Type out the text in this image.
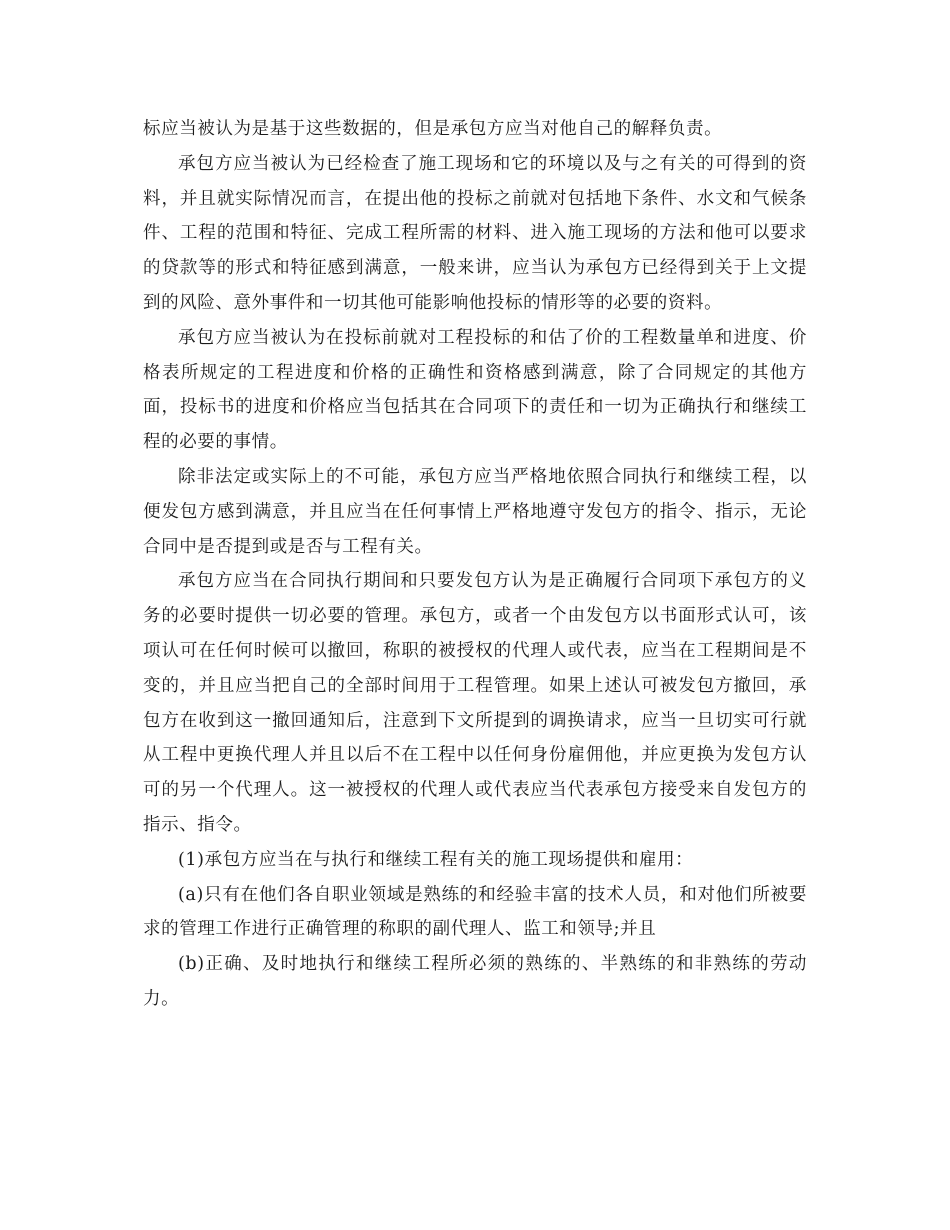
标应当被认为是基于这些数据的，但是承包方应当对他自己的解释负责。

承包方应当被认为已经检查了施工现场和它的环境以及与之有关的可得到的资料，并且就实际情况而言，在提出他的投标之前就对包括地下条件、水文和气候条件、工程的范围和特征、完成工程所需的材料、进入施工现场的方法和他可以要求的贷款等的形式和特征感到满意，一般来讲，应当认为承包方已经得到关于上文提到的风险、意外事件和一切其他可能影响他投标的情形等的必要的资料。

承包方应当被认为在投标前就对工程投标的和估了价的工程数量单和进度、价格表所规定的工程进度和价格的正确性和资格感到满意，除了合同规定的其他方面，投标书的进度和价格应当包括其在合同项下的责任和一切为正确执行和继续工程的必要的事情。

除非法定或实际上的不可能，承包方应当严格地依照合同执行和继续工程，以便发包方感到满意，并且应当在任何事情上严格地遵守发包方的指令、指示，无论合同中是否提到或是否与工程有关。

承包方应当在合同执行期间和只要发包方认为是正确履行合同项下承包方的义务的必要时提供一切必要的管理。承包方，或者一个由发包方以书面形式认可，该项认可在任何时候可以撤回，称职的被授权的代理人或代表，应当在工程期间是不变的，并且应当把自己的全部时间用于工程管理。如果上述认可被发包方撤回，承包方在收到这一撤回通知后，注意到下文所提到的调换请求，应当一旦切实可行就从工程中更换代理人并且以后不在工程中以任何身份雇佣他，并应更换为发包方认可的另一个代理人。这一被授权的代理人或代表应当代表承包方接受来自发包方的指示、指令。

(1)承包方应当在与执行和继续工程有关的施工现场提供和雇用：

(a)只有在他们各自职业领域是熟练的和经验丰富的技术人员，和对他们所被要求的管理工作进行正确管理的称职的副代理人、监工和领导;并且

(b)正确、及时地执行和继续工程所必须的熟练的、半熟练的和非熟练的劳动力。
